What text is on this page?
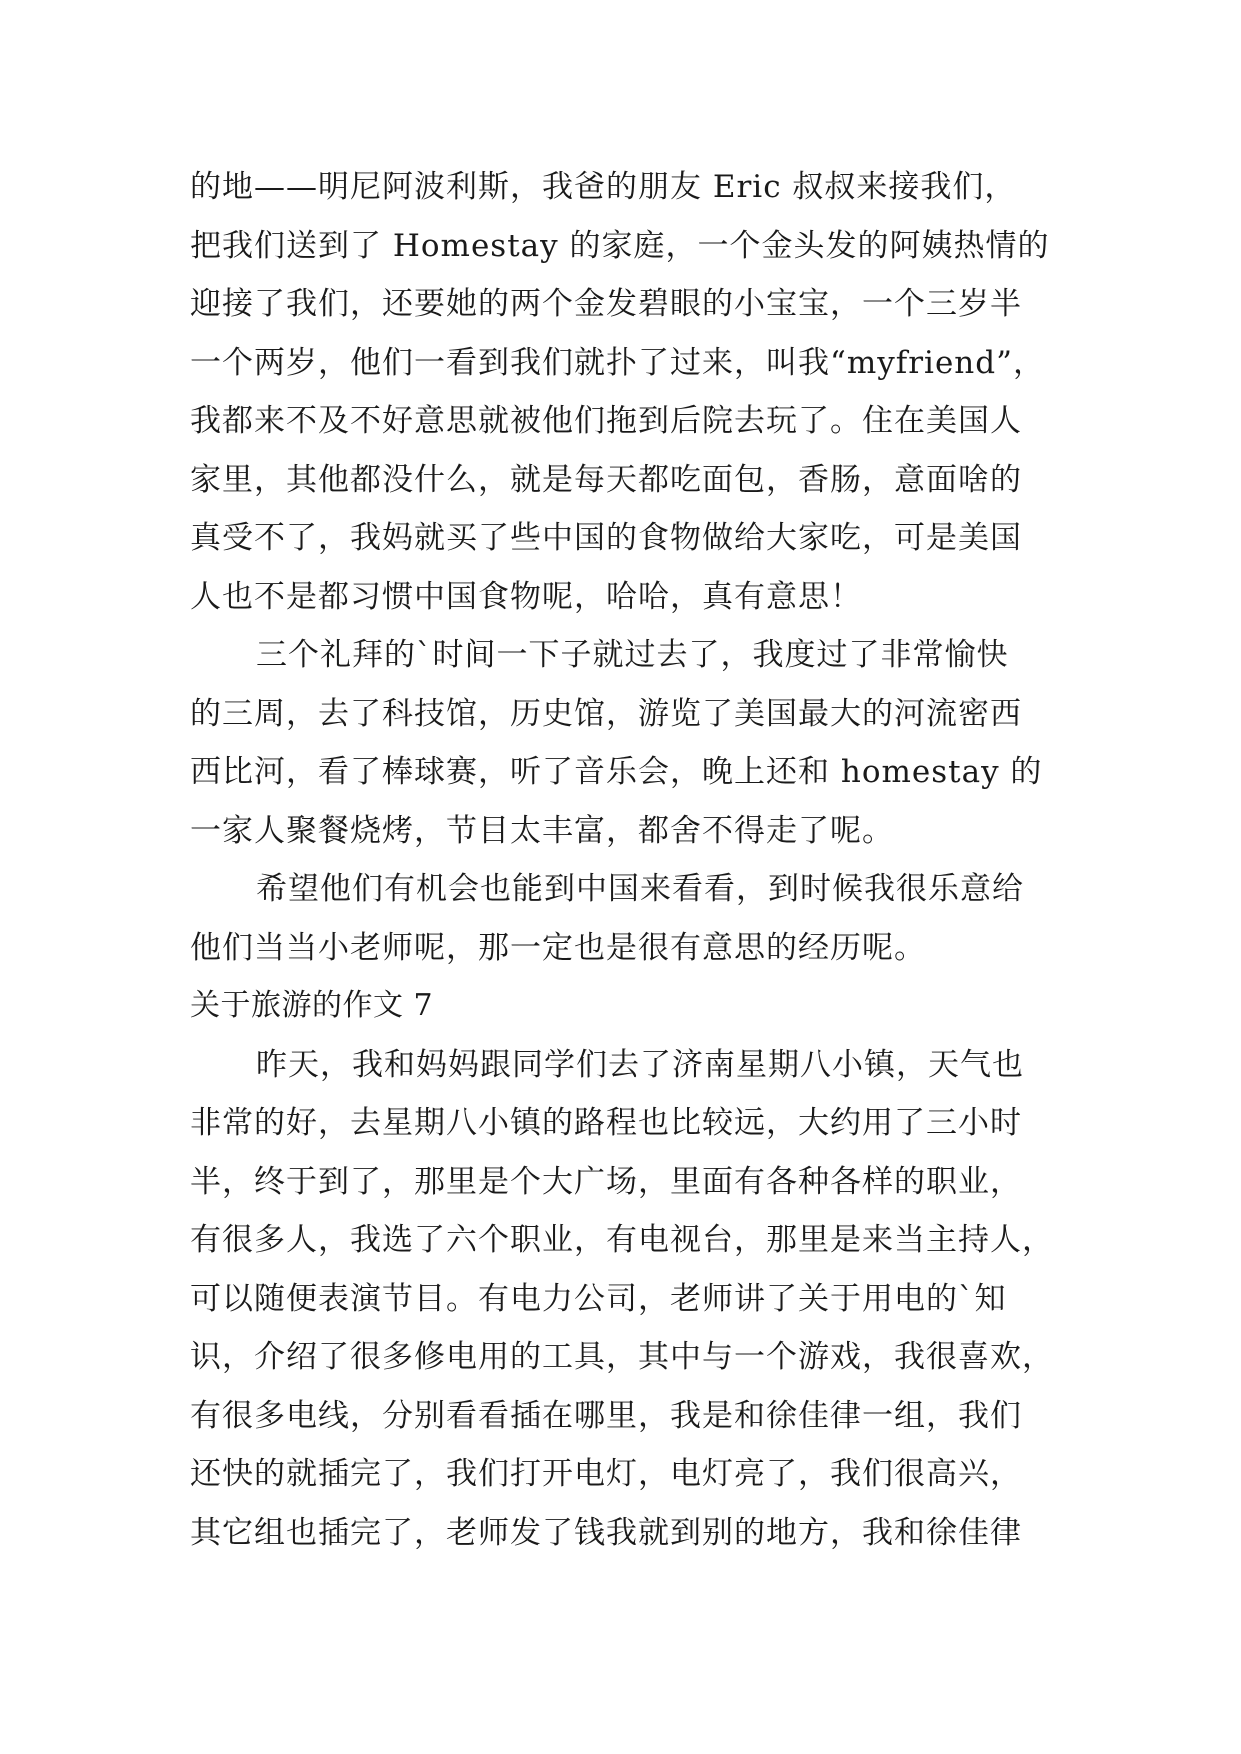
的地——明尼阿波利斯，我爸的朋友 Eric 叔叔来接我们，
把我们送到了 Homestay 的家庭，一个金头发的阿姨热情的
迎接了我们，还要她的两个金发碧眼的小宝宝，一个三岁半
一个两岁，他们一看到我们就扑了过来，叫我“myfriend”，
我都来不及不好意思就被他们拖到后院去玩了。住在美国人
家里，其他都没什么，就是每天都吃面包，香肠，意面啥的
真受不了，我妈就买了些中国的食物做给大家吃，可是美国
人也不是都习惯中国食物呢，哈哈，真有意思！
三个礼拜的`时间一下子就过去了，我度过了非常愉快
的三周，去了科技馆，历史馆，游览了美国最大的河流密西
西比河，看了棒球赛，听了音乐会，晚上还和 homestay 的
一家人聚餐烧烤，节目太丰富，都舍不得走了呢。
希望他们有机会也能到中国来看看，到时候我很乐意给
他们当当小老师呢，那一定也是很有意思的经历呢。
关于旅游的作文 7
昨天，我和妈妈跟同学们去了济南星期八小镇，天气也
非常的好，去星期八小镇的路程也比较远，大约用了三小时
半，终于到了，那里是个大广场，里面有各种各样的职业，
有很多人，我选了六个职业，有电视台，那里是来当主持人，
可以随便表演节目。有电力公司，老师讲了关于用电的`知
识，介绍了很多修电用的工具，其中与一个游戏，我很喜欢，
有很多电线，分别看看插在哪里，我是和徐佳律一组，我们
还快的就插完了，我们打开电灯，电灯亮了，我们很高兴，
其它组也插完了，老师发了钱我就到别的地方，我和徐佳律
